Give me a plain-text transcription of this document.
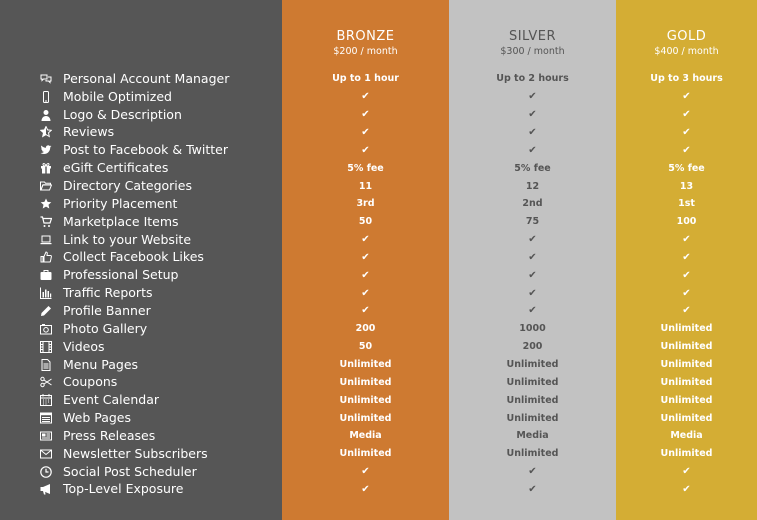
Personal Account Manager
Mobile Optimized
Logo & Description
Reviews
Post to Facebook & Twitter
eGift Certificates
Directory Categories
Priority Placement
Marketplace Items
Link to your Website
Collect Facebook Likes
Professional Setup
Traffic Reports
Profile Banner
Photo Gallery
Videos
Menu Pages
Coupons
Event Calendar
Web Pages
Press Releases
Newsletter Subscribers
Social Post Scheduler
Top-Level Exposure
BRONZE
$200 / month
Up to 1 hour
✔
✔
✔
✔
5% fee
11
3rd
50
✔
✔
✔
✔
✔
200
50
Unlimited
Unlimited
Unlimited
Unlimited
Media
Unlimited
✔
✔
SILVER
$300 / month
Up to 2 hours
✔
✔
✔
✔
5% fee
12
2nd
75
✔
✔
✔
✔
✔
1000
200
Unlimited
Unlimited
Unlimited
Unlimited
Media
Unlimited
✔
✔
GOLD
$400 / month
Up to 3 hours
✔
✔
✔
✔
5% fee
13
1st
100
✔
✔
✔
✔
✔
Unlimited
Unlimited
Unlimited
Unlimited
Unlimited
Unlimited
Media
Unlimited
✔
✔
